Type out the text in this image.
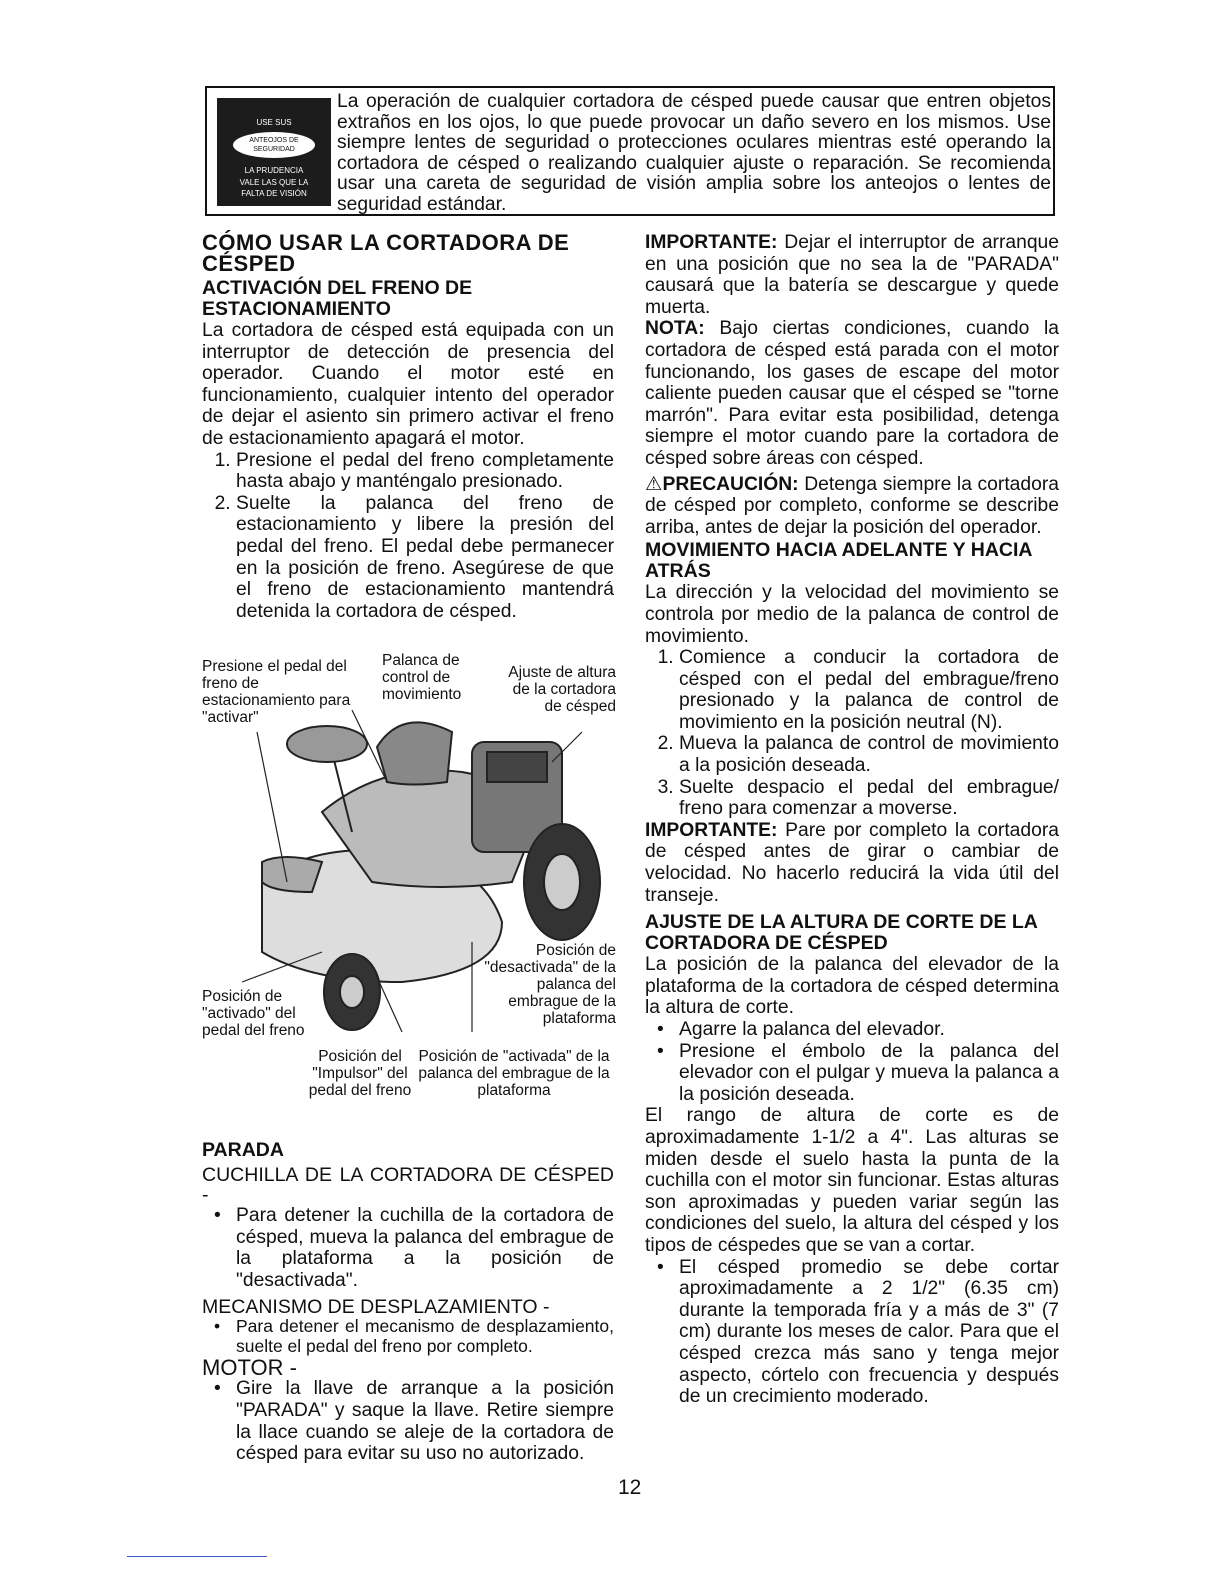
USE SUS
ANTEOJOS DE
SEGURIDAD
LA PRUDENCIA
VALE LAS QUE LA
FALTA DE VISIÓN
La operación de cualquier cortadora de césped puede causar que entren objetos extraños en los ojos, lo que puede provocar un daño severo en los mismos. Use siempre lentes de seguridad o protecciones oculares mientras esté operando la cortadora de césped o realizando cualquier ajuste o reparación. Se recomienda usar una careta de seguridad de visión amplia sobre los anteojos o lentes de seguridad estándar.
CÓMO USAR LA CORTADORA DE CÉSPED
ACTIVACIÓN DEL FRENO DE ESTACIONAMIENTO

La cortadora de césped está equipada con un interruptor de detección de presencia del operador. Cuando el motor esté en funcionamiento, cualquier intento del operador de dejar el asiento sin primero activar el freno de estacionamiento apagará el motor.

1. Presione el pedal del freno completamente hasta abajo y manténgalo presionado.
2. Suelte la palanca del freno de estacionamiento y libere la presión del pedal del freno. El pedal debe permanecer en la posición de freno. Asegúrese de que el freno de estacionamiento mantendrá detenida la cortadora de césped.
Presione el pedal del freno de estacionamiento para "activar"
Palanca de control de movimiento
Ajuste de altura de la cortadora de césped
Posición de "desactivada" de la palanca del embrague de la plataforma
Posición de "activado" del pedal del freno
Posición del "Impulsor" del pedal del freno
Posición de "activada" de la palanca del embrague de la plataforma
PARADA

CUCHILLA DE LA CORTADORA DE CÉSPED -

• Para detener la cuchilla de la cortadora de césped, mueva la palanca del embrague de la plataforma a la posición de "desactivada".

MECANISMO DE DESPLAZAMIENTO -

• Para detener el mecanismo de desplazamiento, suelte el pedal del freno por completo.

MOTOR -

• Gire la llave de arranque a la posición "PARADA" y saque la llave. Retire siempre la llace cuando se aleje de la cortadora de césped para evitar su uso no autorizado.

IMPORTANTE: Dejar el interruptor de arranque en una posición que no sea la de "PARADA" causará que la batería se descargue y quede muerta.

NOTA: Bajo ciertas condiciones, cuando la cortadora de césped está parada con el motor funcionando, los gases de escape del motor caliente pueden causar que el césped se "torne marrón". Para evitar esta posibilidad, detenga siempre el motor cuando pare la cortadora de césped sobre áreas con césped.

⚠PRECAUCIÓN: Detenga siempre la cortadora de césped por completo, conforme se describe arriba, antes de dejar la posición del operador.

MOVIMIENTO HACIA ADELANTE Y HACIA ATRÁS

La dirección y la velocidad del movimiento se controla por medio de la palanca de control de movimiento.

1. Comience a conducir la cortadora de césped con el pedal del embrague/freno presionado y la palanca de control de movimiento en la posición neutral (N).
2. Mueva la palanca de control de movimiento a la posición deseada.
3. Suelte despacio el pedal del embrague/ freno para comenzar a moverse.

IMPORTANTE: Pare por completo la cortadora de césped antes de girar o cambiar de velocidad. No hacerlo reducirá la vida útil del transeje.

AJUSTE DE LA ALTURA DE CORTE DE LA CORTADORA DE CÉSPED

La posición de la palanca del elevador de la plataforma de la cortadora de césped determina la altura de corte.

• Agarre la palanca del elevador.
• Presione el émbolo de la palanca del elevador con el pulgar y mueva la palanca a la posición deseada.

El rango de altura de corte es de aproximadamente 1-1/2 a 4". Las alturas se miden desde el suelo hasta la punta de la cuchilla con el motor sin funcionar. Estas alturas son aproximadas y pueden variar según las condiciones del suelo, la altura del césped y los tipos de céspedes que se van a cortar.

• El césped promedio se debe cortar aproximadamente a 2 1/2" (6.35 cm) durante la temporada fría y a más de 3" (7 cm) durante los meses de calor. Para que el césped crezca más sano y tenga mejor aspecto, córtelo con frecuencia y después de un crecimiento moderado.
12
